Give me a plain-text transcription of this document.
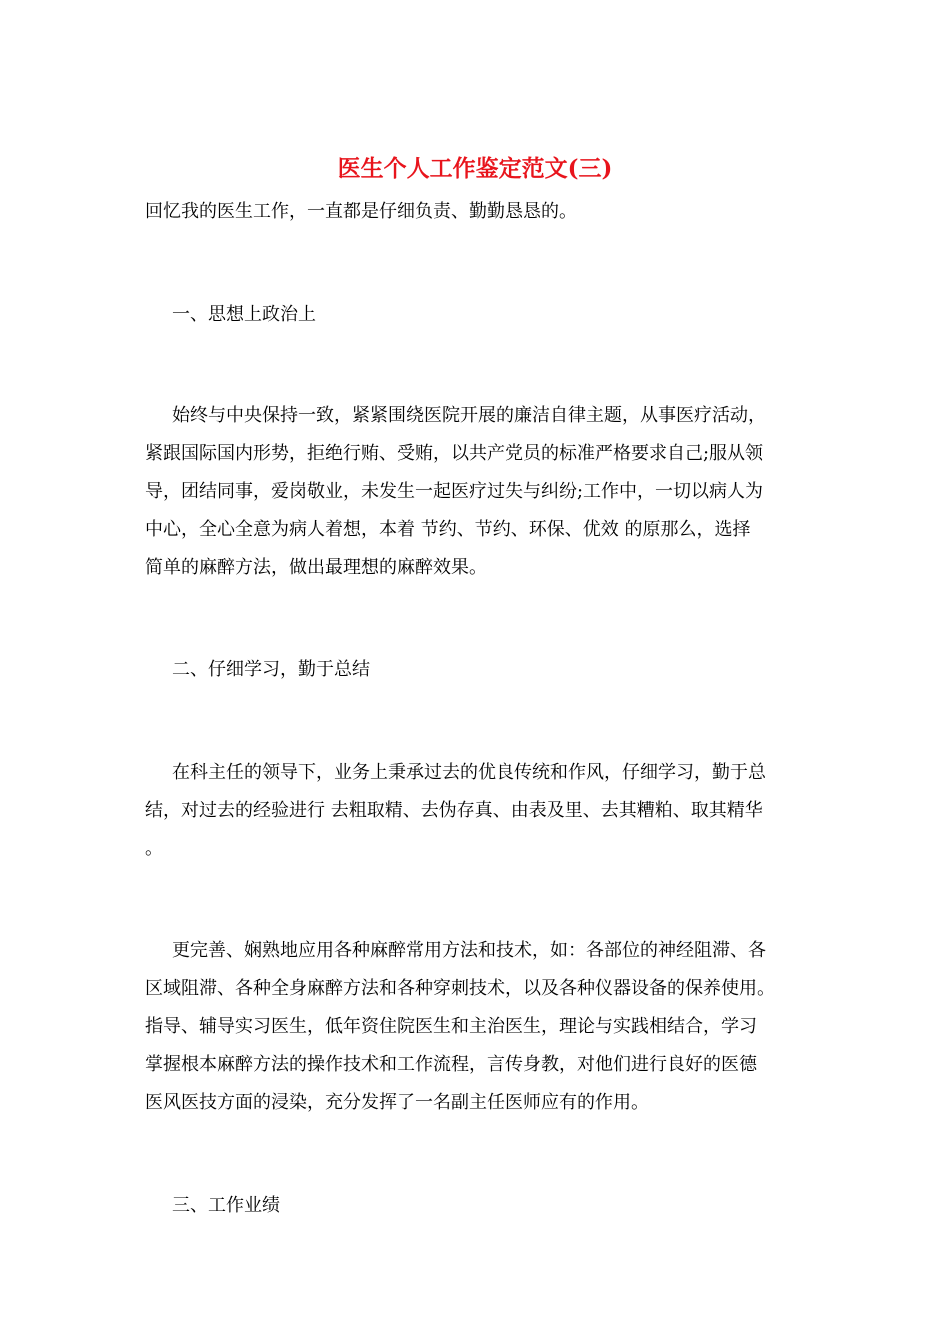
医生个人工作鉴定范文(三)
回忆我的医生工作，一直都是仔细负责、勤勤恳恳的。
一、思想上政治上
始终与中央保持一致，紧紧围绕医院开展的廉洁自律主题，从事医疗活动，
紧跟国际国内形势，拒绝行贿、受贿，以共产党员的标准严格要求自己;服从领
导，团结同事，爱岗敬业，未发生一起医疗过失与纠纷;工作中，一切以病人为
中心，全心全意为病人着想，本着 节约、节约、环保、优效 的原那么，选择
简单的麻醉方法，做出最理想的麻醉效果。
二、仔细学习，勤于总结
在科主任的领导下，业务上秉承过去的优良传统和作风，仔细学习，勤于总
结，对过去的经验进行 去粗取精、去伪存真、由表及里、去其糟粕、取其精华
。
更完善、娴熟地应用各种麻醉常用方法和技术，如：各部位的神经阻滞、各
区域阻滞、各种全身麻醉方法和各种穿刺技术，以及各种仪器设备的保养使用。
指导、辅导实习医生，低年资住院医生和主治医生，理论与实践相结合，学习
掌握根本麻醉方法的操作技术和工作流程，言传身教，对他们进行良好的医德
医风医技方面的浸染，充分发挥了一名副主任医师应有的作用。
三、工作业绩
